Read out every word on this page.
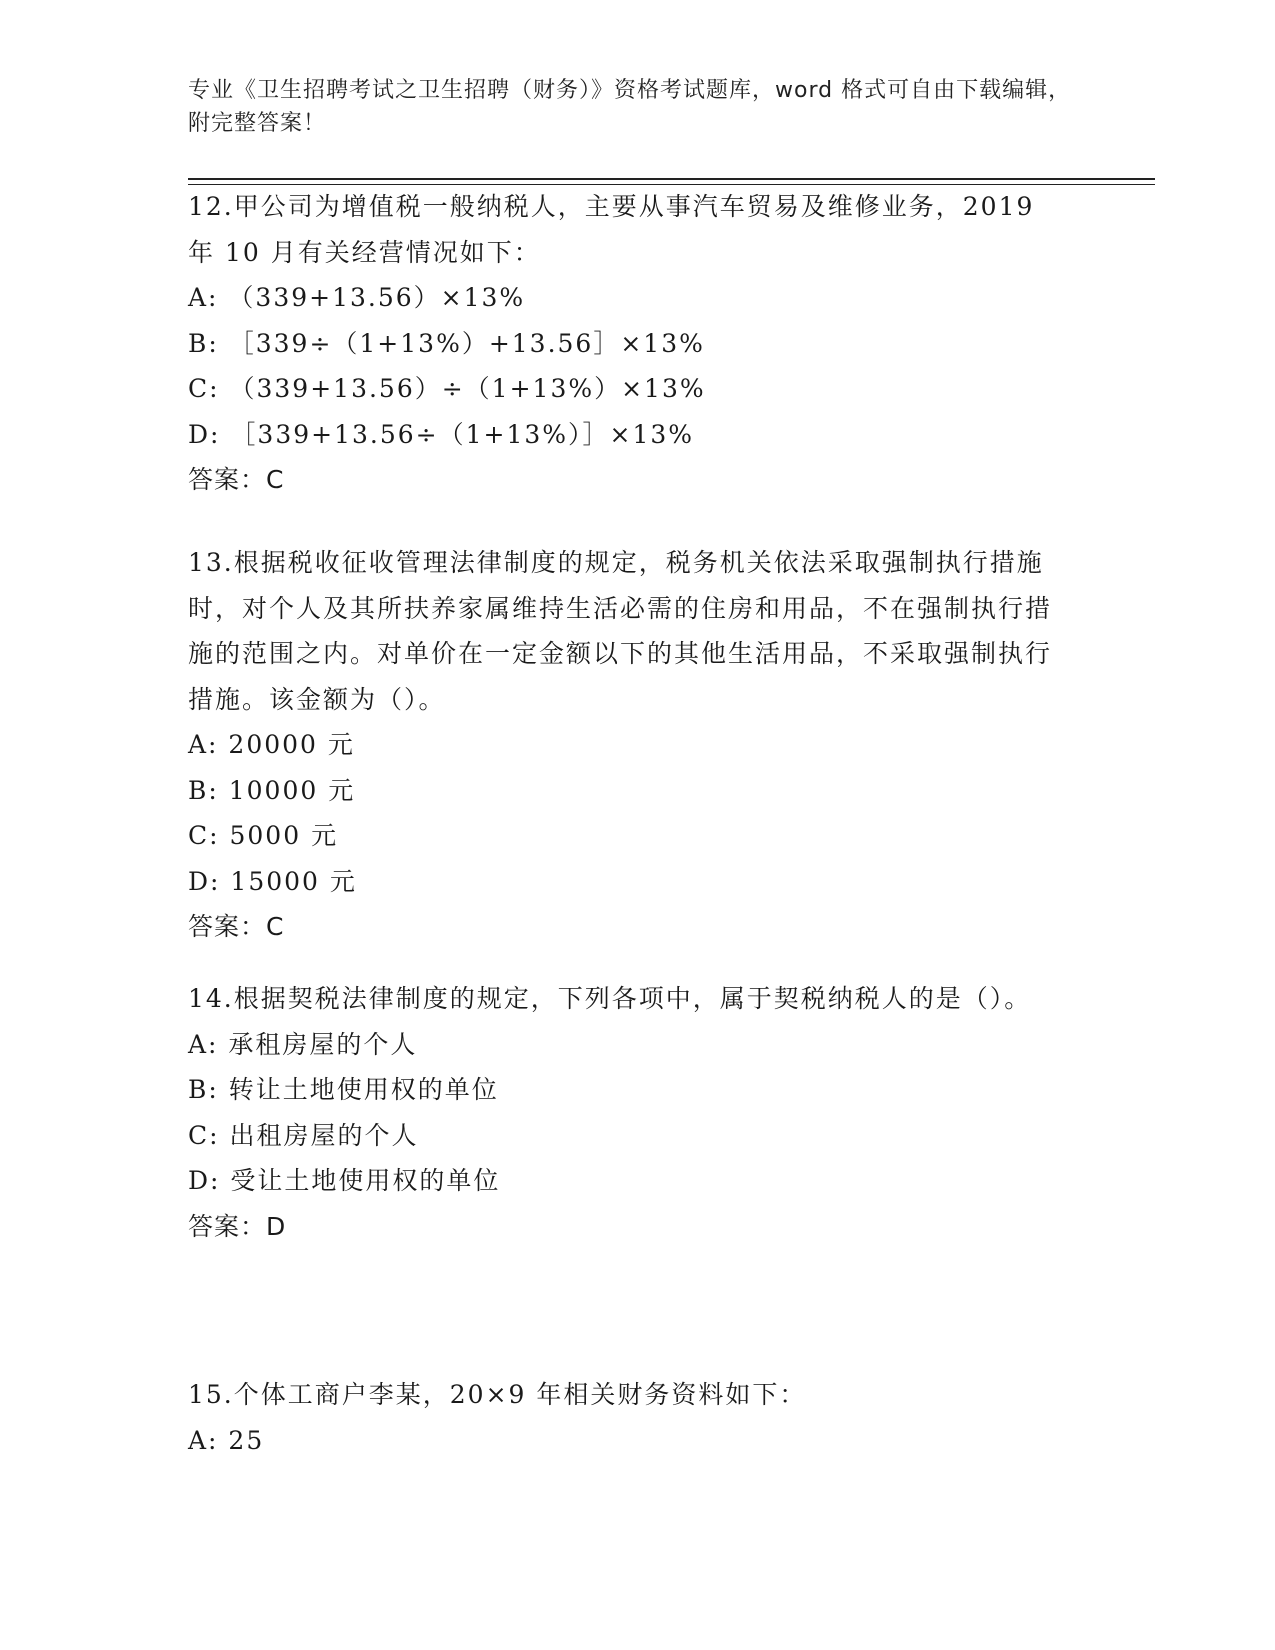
专业《卫生招聘考试之卫生招聘（财务）》资格考试题库，word 格式可自由下载编辑，附完整答案！
12.甲公司为增值税一般纳税人，主要从事汽车贸易及维修业务，2019 年 10 月有关经营情况如下：
A: （339+13.56）×13%
B: ［339÷（1+13%）+13.56］×13%
C: （339+13.56）÷（1+13%）×13%
D: ［339+13.56÷（1+13%）］×13%
答案：C
13.根据税收征收管理法律制度的规定，税务机关依法采取强制执行措施时，对个人及其所扶养家属维持生活必需的住房和用品，不在强制执行措施的范围之内。对单价在一定金额以下的其他生活用品，不采取强制执行措施。该金额为（）。
A: 20000 元
B: 10000 元
C: 5000 元
D: 15000 元
答案：C
14.根据契税法律制度的规定，下列各项中，属于契税纳税人的是（）。
A: 承租房屋的个人
B: 转让土地使用权的单位
C: 出租房屋的个人
D: 受让土地使用权的单位
答案：D
15.个体工商户李某，20×9 年相关财务资料如下：
A: 25
